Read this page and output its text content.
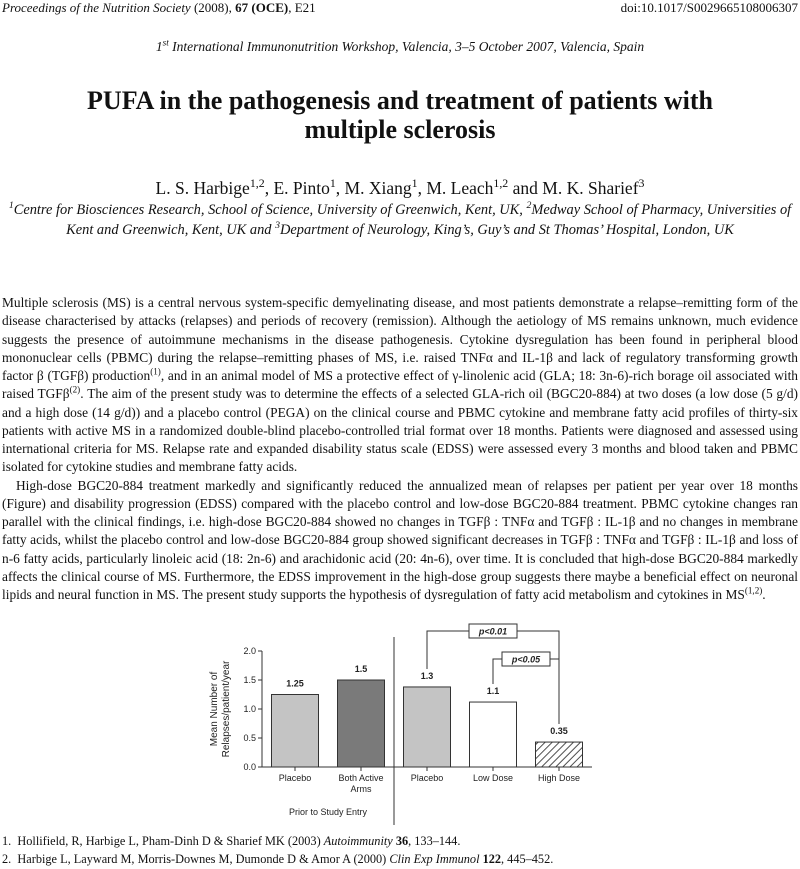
Proceedings of the Nutrition Society (2008), 67 (OCE), E21	doi:10.1017/S0029665108006307
1st International Immunonutrition Workshop, Valencia, 3–5 October 2007, Valencia, Spain
PUFA in the pathogenesis and treatment of patients with multiple sclerosis
L. S. Harbige$^{1,2}$, E. Pinto$^1$, M. Xiang$^1$, M. Leach$^{1,2}$ and M. K. Sharief$^3$
$^1$Centre for Biosciences Research, School of Science, University of Greenwich, Kent, UK, $^2$Medway School of Pharmacy, Universities of Kent and Greenwich, Kent, UK and $^3$Department of Neurology, King’s, Guy’s and St Thomas’ Hospital, London, UK

Multiple sclerosis (MS) is a central nervous system-specific demyelinating disease, and most patients demonstrate a relapse–remitting form of the disease characterised by attacks (relapses) and periods of recovery (remission). Although the aetiology of MS remains unknown, much evidence suggests the presence of autoimmune mechanisms in the disease pathogenesis. Cytokine dysregulation has been found in peripheral blood mononuclear cells (PBMC) during the relapse–remitting phases of MS, i.e. raised TNFα and IL-1β and lack of regulatory transforming growth factor β (TGFβ) production$^{(1)}$, and in an animal model of MS a protective effect of γ-linolenic acid (GLA; 18: 3n-6)-rich borage oil associated with raised TGFβ$^{(2)}$. The aim of the present study was to determine the effects of a selected GLA-rich oil (BGC20-884) at two doses (a low dose (5 g/d) and a high dose (14 g/d)) and a placebo control (PEGA) on the clinical course and PBMC cytokine and membrane fatty acid profiles of thirty-six patients with active MS in a randomized double-blind placebo-controlled trial format over 18 months. Patients were diagnosed and assessed using international criteria for MS. Relapse rate and expanded disability status scale (EDSS) were assessed every 3 months and blood taken and PBMC isolated for cytokine studies and membrane fatty acids.

High-dose BGC20-884 treatment markedly and significantly reduced the annualized mean of relapses per patient per year over 18 months (Figure) and disability progression (EDSS) compared with the placebo control and low-dose BGC20-884 treatment. PBMC cytokine changes ran parallel with the clinical findings, i.e. high-dose BGC20-884 showed no changes in TGFβ : TNFα and TGFβ : IL-1β and no changes in membrane fatty acids, whilst the placebo control and low-dose BGC20-884 group showed significant decreases in TGFβ : TNFα and TGFβ : IL-1β and loss of n-6 fatty acids, particularly linoleic acid (18: 2n-6) and arachidonic acid (20: 4n-6), over time. It is concluded that high-dose BGC20-884 markedly affects the clinical course of MS. Furthermore, the EDSS improvement in the high-dose group suggests there maybe a beneficial effect on neuronal lipids and neural function in MS. The present study supports the hypothesis of dysregulation of fatty acid metabolism and cytokines in MS$^{(1,2)}$.

0.0
0.5
1.0
1.5
2.0
Mean Number of Relapses/patient/year	1.25
Placebo
1.5
Both Active
Arms
1.3
Placebo
1.1
Low Dose
0.35
High Dose
Prior to Study Entry
p<0.01
p<0.05
1. Hollifield, R, Harbige L, Pham-Dinh D & Sharief MK (2003) Autoimmunity 36, 133–144.
2. Harbige L, Layward M, Morris-Downes M, Dumonde D & Amor A (2000) Clin Exp Immunol 122, 445–452.
